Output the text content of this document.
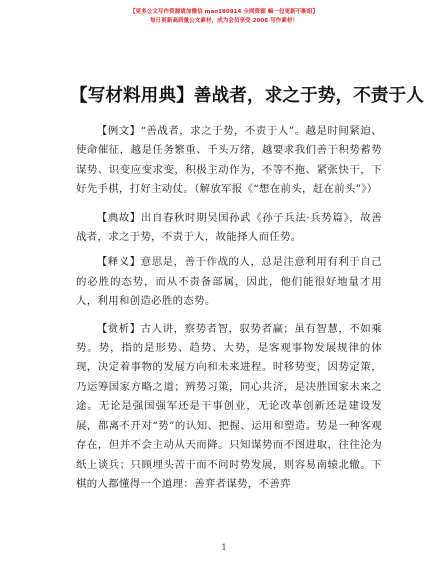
【更多公文写作资源请加微信 mao180914 全网资源 嘛一包更新不断组】
每日更新高质量公文素材，成为会员享受 2006 写作素材！
【写材料用典】善战者，求之于势，不责于人

【例文】“善战者，求之于势，不责于人”。越是时间紧迫、使命催征，越是任务繁重、千头万绪，越要求我们善于积势蓄势谋势、识变应变求变，积极主动作为，不等不拖、紧张快干，下好先手棋，打好主动仗。（解放军报《“想在前头，赶在前头”》）

【典故】出自春秋时期吴国孙武《孙子兵法·兵势篇》，故善战者，求之于势，不责于人，故能择人而任势。

【释义】意思是，善于作战的人，总是注意利用有利于自己的必胜的态势，而从不责备部属，因此，他们能很好地量才用人，利用和创造必胜的态势。

【赏析】古人讲，察势者智，驭势者赢；虽有智慧，不如乘势。势，指的是形势、趋势、大势，是客观事物发展规律的体现，决定着事物的发展方向和未来进程。时移势变，因势定策，乃运筹国家方略之道；辨势习策，同心共济，是决胜国家未来之途。无论是强国强军还是干事创业，无论改革创新还是建设发展，都离不开对“势”的认知、把握、运用和塑造。势是一种客观存在，但并不会主动从天而降。只知谋势而不图进取，往往沦为纸上谈兵；只顾埋头苦干而不问时势发展，则容易南辕北辙。下棋的人都懂得一个道理：善弈者谋势，不善弈

1
